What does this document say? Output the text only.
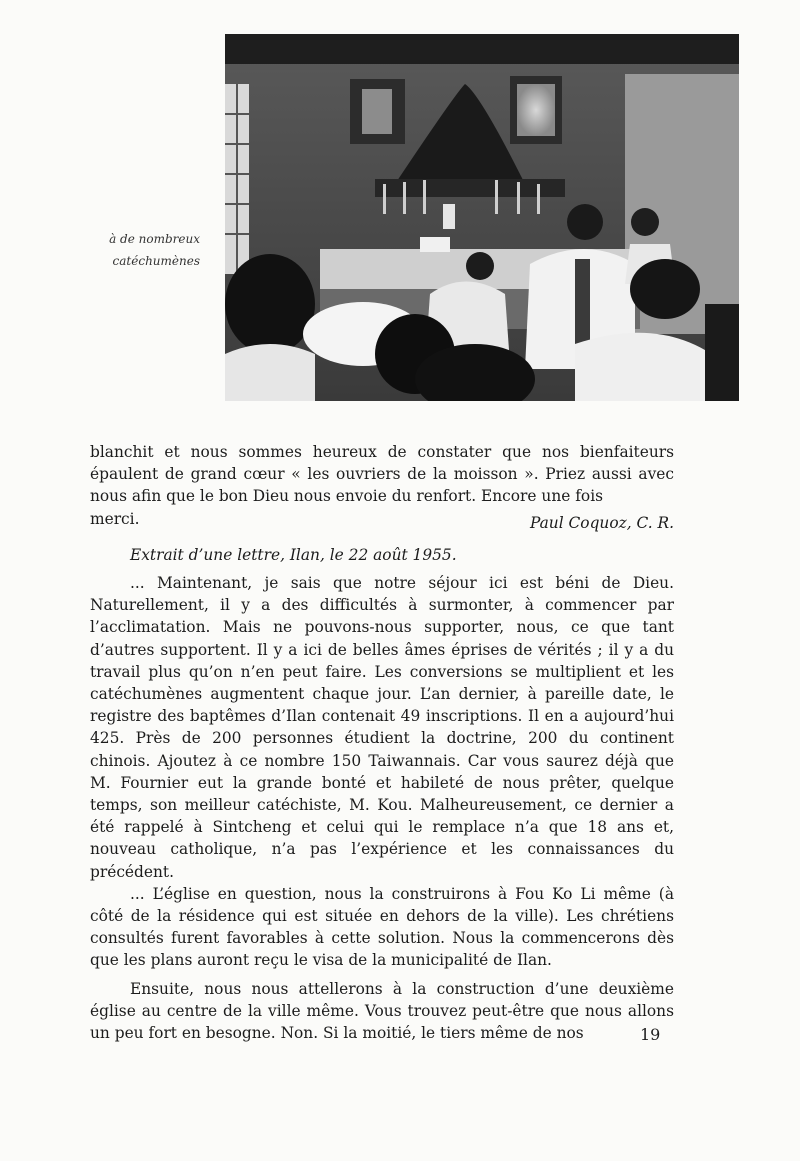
à de nombreux
catéchumènes

blanchit et nous sommes heureux de constater que nos bienfaiteurs épaulent de grand cœur « les ouvriers de la moisson ». Priez aussi avec nous afin que le bon Dieu nous envoie du renfort. Encore une fois

merci.	Paul Coquoz, C. R.

Extrait d’une lettre, Ilan, le 22 août 1955.

... Maintenant, je sais que notre séjour ici est béni de Dieu. Naturellement, il y a des difficultés à surmonter, à commencer par l’acclimatation. Mais ne pouvons-nous supporter, nous, ce que tant d’autres supportent. Il y a ici de belles âmes éprises de vérités ; il y a du travail plus qu’on n’en peut faire. Les conversions se multiplient et les catéchumènes augmentent chaque jour. L’an dernier, à pareille date, le registre des baptêmes d’Ilan contenait 49 inscriptions. Il en a aujourd’hui 425. Près de 200 personnes étudient la doctrine, 200 du continent chinois. Ajoutez à ce nombre 150 Taiwannais. Car vous saurez déjà que M. Fournier eut la grande bonté et habileté de nous prêter, quelque temps, son meilleur catéchiste, M. Kou. Malheureusement, ce dernier a été rappelé à Sintcheng et celui qui le remplace n’a que 18 ans et, nouveau catholique, n’a pas l’expérience et les connaissances du précédent.

... L’église en question, nous la construirons à Fou Ko Li même (à côté de la résidence qui est située en dehors de la ville). Les chrétiens consultés furent favorables à cette solution. Nous la commencerons dès que les plans auront reçu le visa de la municipalité de Ilan.

Ensuite, nous nous attellerons à la construction d’une deuxième église au centre de la ville même. Vous trouvez peut-être que nous allons un peu fort en besogne. Non. Si la moitié, le tiers même de nos	19
